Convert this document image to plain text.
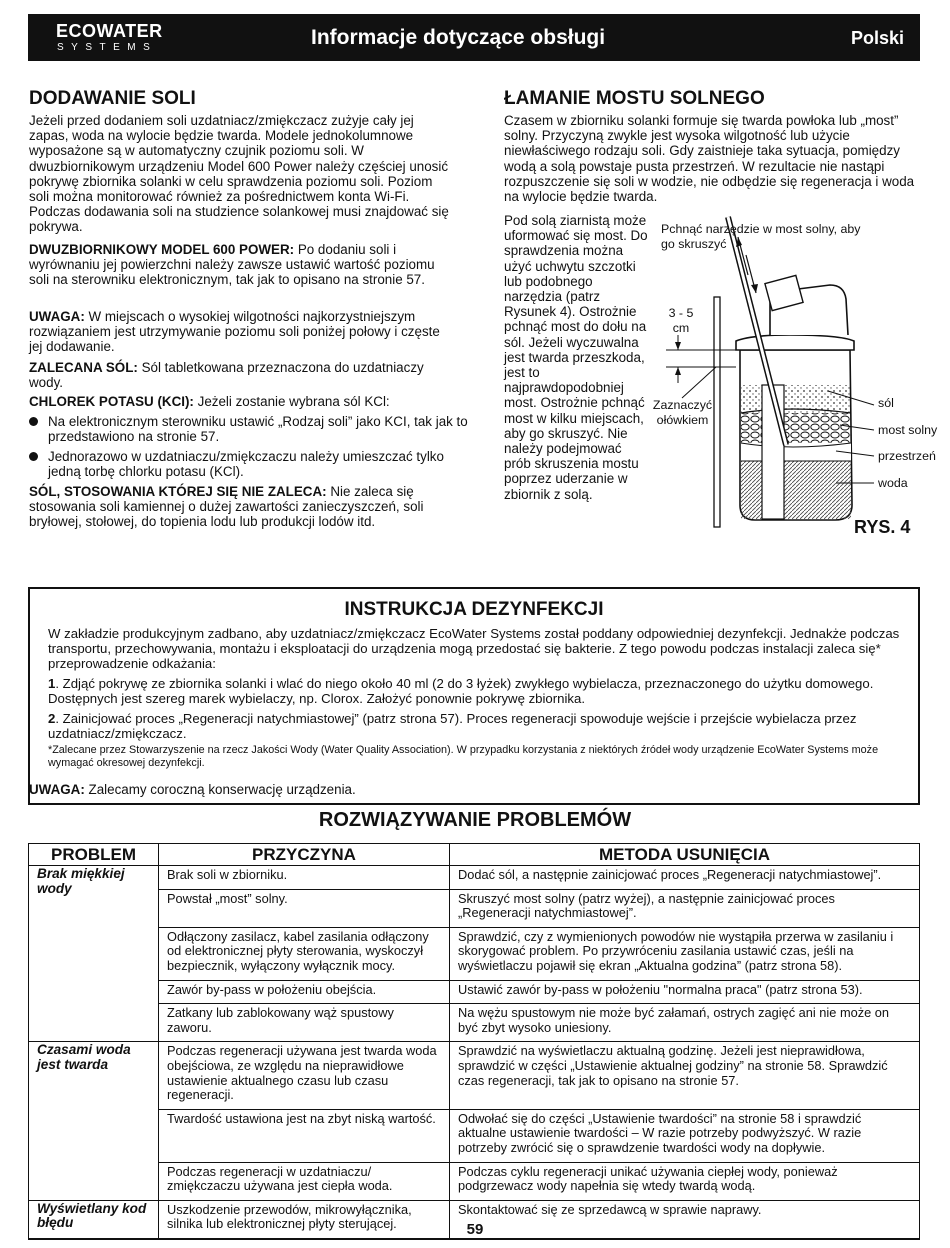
ECOWATER
SYSTEMS	Informacje dotyczące obsługi	Polski
DODAWANIE SOLI
Jeżeli przed dodaniem soli uzdatniacz/zmiękczacz zużyje cały jej zapas, woda na wylocie będzie twarda. Modele jednokolumnowe wyposażone są w automatyczny czujnik poziomu soli. W dwuzbiornikowym urządzeniu Model 600 Power należy częściej unosić pokrywę zbiornika solanki w celu sprawdzenia poziomu soli. Poziom soli można monitorować również za pośrednictwem konta Wi-Fi. Podczas dodawania soli na studzience solankowej musi znajdować się pokrywa.
DWUZBIORNIKOWY MODEL 600 POWER: Po dodaniu soli i wyrównaniu jej powierzchni należy zawsze ustawić wartość poziomu soli na sterowniku elektronicznym, tak jak to opisano na stronie 57.
UWAGA: W miejscach o wysokiej wilgotności najkorzystniejszym rozwiązaniem jest utrzymywanie poziomu soli poniżej połowy i częste jej dodawanie.
ZALECANA SÓL: Sól tabletkowana przeznaczona do uzdatniaczy wody.
CHLOREK POTASU (KCI): Jeżeli zostanie wybrana sól KCl:
Na elektronicznym sterowniku ustawić „Rodzaj soli” jako KCI, tak jak to przedstawiono na stronie 57.
Jednorazowo w uzdatniaczu/zmiękczaczu należy umieszczać tylko jedną torbę chlorku potasu (KCl).
SÓL, STOSOWANIA KTÓREJ SIĘ NIE ZALECA: Nie zaleca się stosowania soli kamiennej o dużej zawartości zanieczyszczeń, soli bryłowej, stołowej, do topienia lodu lub produkcji lodów itd.
ŁAMANIE MOSTU SOLNEGO
Czasem w zbiorniku solanki formuje się twarda powłoka lub „most” solny. Przyczyną zwykle jest wysoka wilgotność lub użycie niewłaściwego rodzaju soli. Gdy zaistnieje taka sytuacja, pomiędzy wodą a solą powstaje pusta przestrzeń. W rezultacie nie nastąpi rozpuszczenie się soli w wodzie, nie odbędzie się regeneracja i woda na wylocie będzie twarda.
Pod solą ziarnistą może uformować się most. Do sprawdzenia można użyć uchwytu szczotki lub podobnego narzędzia (patrz Rysunek 4). Ostrożnie pchnąć most do dołu na sól. Jeżeli wyczuwalna jest twarda przeszkoda, jest to najprawdopodobniej most. Ostrożnie pchnąć most w kilku miejscach, aby go skruszyć. Nie należy podejmować prób skruszenia mostu poprzez uderzanie w zbiornik z solą.
Pchnąć narzędzie w most solny, aby go skruszyć
3 - 5 cm
Zaznaczyć ołówkiem
sól
most solny
przestrzeń
woda
RYS. 4
INSTRUKCJA DEZYNFEKCJI
W zakładzie produkcyjnym zadbano, aby uzdatniacz/zmiękczacz EcoWater Systems został poddany odpowiedniej dezynfekcji. Jednakże podczas transportu, przechowywania, montażu i eksploatacji do urządzenia mogą przedostać się bakterie. Z tego powodu podczas instalacji zaleca się* przeprowadzenie odkażania:
1. Zdjąć pokrywę ze zbiornika solanki i wlać do niego około 40 ml (2 do 3 łyżek) zwykłego wybielacza, przeznaczonego do użytku domowego. Dostępnych jest szereg marek wybielaczy, np. Clorox. Założyć ponownie pokrywę zbiornika.
2. Zainicjować proces „Regeneracji natychmiastowej” (patrz strona 57). Proces regeneracji spowoduje wejście i przejście wybielacza przez uzdatniacz/zmiękczacz.
*Zalecane przez Stowarzyszenie na rzecz Jakości Wody (Water Quality Association). W przypadku korzystania z niektórych źródeł wody urządzenie EcoWater Systems może wymagać okresowej dezynfekcji.
UWAGA: Zalecamy coroczną konserwację urządzenia.
ROZWIĄZYWANIE PROBLEMÓW
PROBLEM	PRZYCZYNA	METODA USUNIĘCIA
Brak miękkiej wody	Brak soli w zbiorniku.	Dodać sól, a następnie zainicjować proces „Regeneracji natychmiastowej”.
	Powstał „most” solny.	Skruszyć most solny (patrz wyżej), a następnie zainicjować proces „Regeneracji natychmiastowej”.
	Odłączony zasilacz, kabel zasilania odłączony od elektronicznej płyty sterowania, wyskoczył bezpiecznik, wyłączony wyłącznik mocy.	Sprawdzić, czy z wymienionych powodów nie wystąpiła przerwa w zasilaniu i skorygować problem. Po przywróceniu zasilania ustawić czas, jeśli na wyświetlaczu pojawił się ekran „Aktualna godzina” (patrz strona 58).
	Zawór by-pass w położeniu obejścia.	Ustawić zawór by-pass w położeniu "normalna praca" (patrz strona 53).
	Zatkany lub zablokowany wąż spustowy zaworu.	Na wężu spustowym nie może być załamań, ostrych zagięć ani nie może on być zbyt wysoko uniesiony.
Czasami woda jest twarda	Podczas regeneracji używana jest twarda woda obejściowa, ze względu na nieprawidłowe ustawienie aktualnego czasu lub czasu regeneracji.	Sprawdzić na wyświetlaczu aktualną godzinę. Jeżeli jest nieprawidłowa, sprawdzić w części „Ustawienie aktualnej godziny” na stronie 58. Sprawdzić czas regeneracji, tak jak to opisano na stronie 57.
	Twardość ustawiona jest na zbyt niską wartość.	Odwołać się do części „Ustawienie twardości” na stronie 58 i sprawdzić aktualne ustawienie twardości – W razie potrzeby podwyższyć. W razie potrzeby zwrócić się o sprawdzenie twardości wody na dopływie.
	Podczas regeneracji w uzdatniaczu/ zmiękczaczu używana jest ciepła woda.	Podczas cyklu regeneracji unikać używania ciepłej wody, ponieważ podgrzewacz wody napełnia się wtedy twardą wodą.
Wyświetlany kod błędu	Uszkodzenie przewodów, mikrowyłącznika, silnika lub elektronicznej płyty sterującej.	Skontaktować się ze sprzedawcą w sprawie naprawy.
59
